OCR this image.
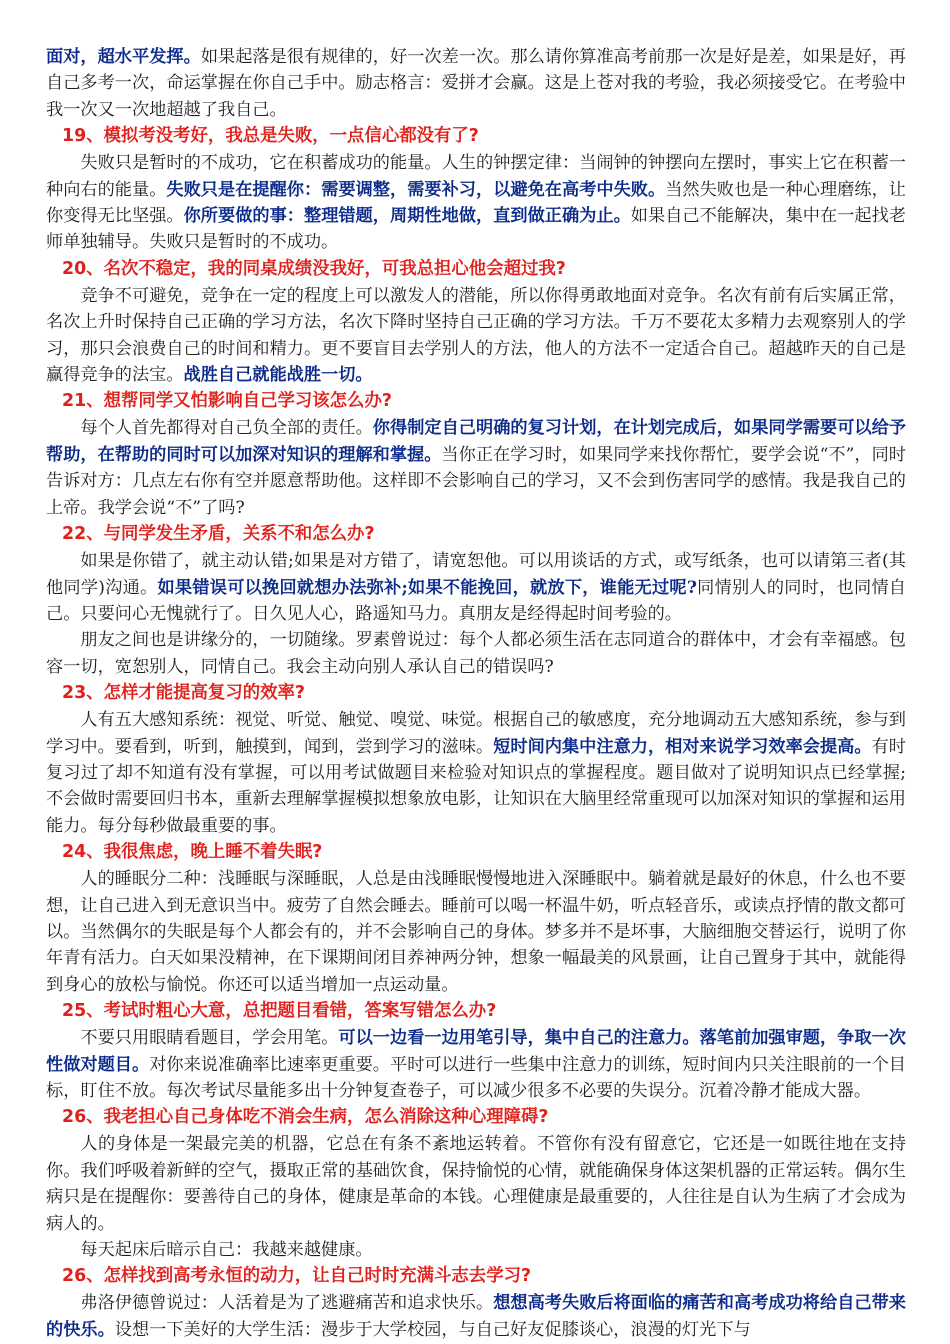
面对，超水平发挥。如果起落是很有规律的，好一次差一次。那么请你算准高考前那一次是好是差，如果是好，再自己多考一次，命运掌握在你自己手中。励志格言：爱拼才会赢。这是上苍对我的考验，我必须接受它。在考验中我一次又一次地超越了我自己。

19、模拟考没考好，我总是失败，一点信心都没有了?

失败只是暂时的不成功，它在积蓄成功的能量。人生的钟摆定律：当闹钟的钟摆向左摆时，事实上它在积蓄一种向右的能量。失败只是在提醒你：需要调整，需要补习，以避免在高考中失败。当然失败也是一种心理磨练，让你变得无比坚强。你所要做的事：整理错题，周期性地做，直到做正确为止。如果自己不能解决，集中在一起找老师单独辅导。失败只是暂时的不成功。

20、名次不稳定，我的同桌成绩没我好，可我总担心他会超过我?

竞争不可避免，竞争在一定的程度上可以激发人的潜能，所以你得勇敢地面对竞争。名次有前有后实属正常，名次上升时保持自己正确的学习方法，名次下降时坚持自己正确的学习方法。千万不要花太多精力去观察别人的学习，那只会浪费自己的时间和精力。更不要盲目去学别人的方法，他人的方法不一定适合自己。超越昨天的自己是赢得竞争的法宝。战胜自己就能战胜一切。

21、想帮同学又怕影响自己学习该怎么办?

每个人首先都得对自己负全部的责任。你得制定自己明确的复习计划，在计划完成后，如果同学需要可以给予帮助，在帮助的同时可以加深对知识的理解和掌握。当你正在学习时，如果同学来找你帮忙，要学会说“不”，同时告诉对方：几点左右你有空并愿意帮助他。这样即不会影响自己的学习，又不会到伤害同学的感情。我是我自己的上帝。我学会说“不”了吗?

22、与同学发生矛盾，关系不和怎么办?

如果是你错了，就主动认错;如果是对方错了，请宽恕他。可以用谈话的方式，或写纸条，也可以请第三者(其他同学)沟通。如果错误可以挽回就想办法弥补;如果不能挽回，就放下，谁能无过呢?同情别人的同时，也同情自己。只要问心无愧就行了。日久见人心，路遥知马力。真朋友是经得起时间考验的。

朋友之间也是讲缘分的，一切随缘。罗素曾说过：每个人都必须生活在志同道合的群体中，才会有幸福感。包容一切，宽恕别人，同情自己。我会主动向别人承认自己的错误吗?

23、怎样才能提高复习的效率?

人有五大感知系统：视觉、听觉、触觉、嗅觉、味觉。根据自己的敏感度，充分地调动五大感知系统，参与到学习中。要看到，听到，触摸到，闻到，尝到学习的滋味。短时间内集中注意力，相对来说学习效率会提高。有时复习过了却不知道有没有掌握，可以用考试做题目来检验对知识点的掌握程度。题目做对了说明知识点已经掌握;不会做时需要回归书本，重新去理解掌握模拟想象放电影，让知识在大脑里经常重现可以加深对知识的掌握和运用能力。每分每秒做最重要的事。

24、我很焦虑，晚上睡不着失眠?

人的睡眠分二种：浅睡眠与深睡眠，人总是由浅睡眠慢慢地进入深睡眠中。躺着就是最好的休息，什么也不要想，让自己进入到无意识当中。疲劳了自然会睡去。睡前可以喝一杯温牛奶，听点轻音乐，或读点抒情的散文都可以。当然偶尔的失眠是每个人都会有的，并不会影响自己的身体。梦多并不是坏事，大脑细胞交替运行，说明了你年青有活力。白天如果没精神，在下课期间闭目养神两分钟，想象一幅最美的风景画，让自己置身于其中，就能得到身心的放松与愉悦。你还可以适当增加一点运动量。

25、考试时粗心大意，总把题目看错，答案写错怎么办?

不要只用眼睛看题目，学会用笔。可以一边看一边用笔引导，集中自己的注意力。落笔前加强审题，争取一次性做对题目。对你来说准确率比速率更重要。平时可以进行一些集中注意力的训练，短时间内只关注眼前的一个目标，盯住不放。每次考试尽量能多出十分钟复查卷子，可以减少很多不必要的失误分。沉着冷静才能成大器。

26、我老担心自己身体吃不消会生病，怎么消除这种心理障碍?

人的身体是一架最完美的机器，它总在有条不紊地运转着。不管你有没有留意它，它还是一如既往地在支持你。我们呼吸着新鲜的空气，摄取正常的基础饮食，保持愉悦的心情，就能确保身体这架机器的正常运转。偶尔生病只是在提醒你：要善待自己的身体，健康是革命的本钱。心理健康是最重要的，人往往是自认为生病了才会成为病人的。

每天起床后暗示自己：我越来越健康。

26、怎样找到高考永恒的动力，让自己时时充满斗志去学习?

弗洛伊德曾说过：人活着是为了逃避痛苦和追求快乐。想想高考失败后将面临的痛苦和高考成功将给自己带来的快乐。设想一下美好的大学生活：漫步于大学校园，与自己好友促膝谈心，浪漫的灯光下与
